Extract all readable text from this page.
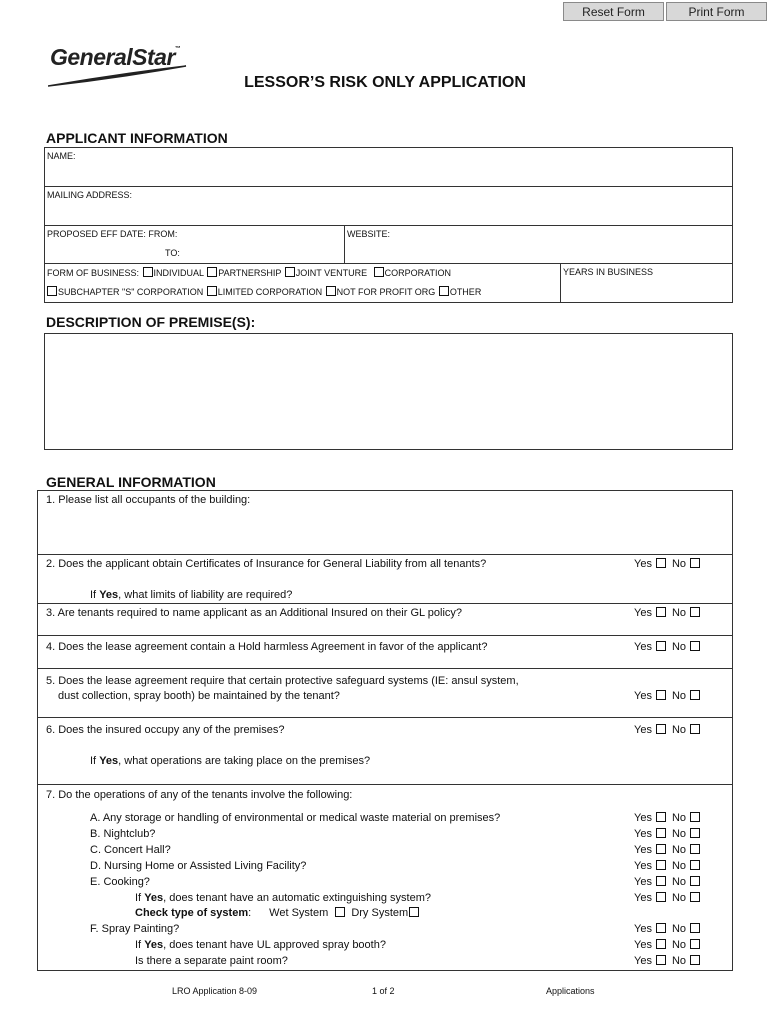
Reset Form	Print Form
GeneralStar™
LESSOR’S RISK ONLY APPLICATION
APPLICANT INFORMATION
NAME:
MAILING ADDRESS:
PROPOSED EFF DATE: FROM:
TO:
WEBSITE:
FORM OF BUSINESS: INDIVIDUAL PARTNERSHIP JOINT VENTURE CORPORATION
SUBCHAPTER "S" CORPORATION LIMITED CORPORATION NOT FOR PROFIT ORG OTHER
YEARS IN BUSINESS
DESCRIPTION OF PREMISE(S):
GENERAL INFORMATION
1. Please list all occupants of the building:
2. Does the applicant obtain Certificates of Insurance for General Liability from all tenants?	Yes No
If Yes, what limits of liability are required?
3. Are tenants required to name applicant as an Additional Insured on their GL policy?	Yes No
4. Does the lease agreement contain a Hold harmless Agreement in favor of the applicant?	Yes No
5. Does the lease agreement require that certain protective safeguard systems (IE: ansul system,
dust collection, spray booth) be maintained by the tenant?	Yes No
6. Does the insured occupy any of the premises?	Yes No
If Yes, what operations are taking place on the premises?
7. Do the operations of any of the tenants involve the following:
A. Any storage or handling of environmental or medical waste material on premises?	Yes No
B. Nightclub?	Yes No
C. Concert Hall?	Yes No
D. Nursing Home or Assisted Living Facility?	Yes No
E. Cooking?	Yes No
If Yes, does tenant have an automatic extinguishing system?	Yes No
Check type of system: Wet System Dry System
F. Spray Painting?	Yes No
If Yes, does tenant have UL approved spray booth?	Yes No
Is there a separate paint room?	Yes No
LRO Application 8-09	1 of 2	Applications
